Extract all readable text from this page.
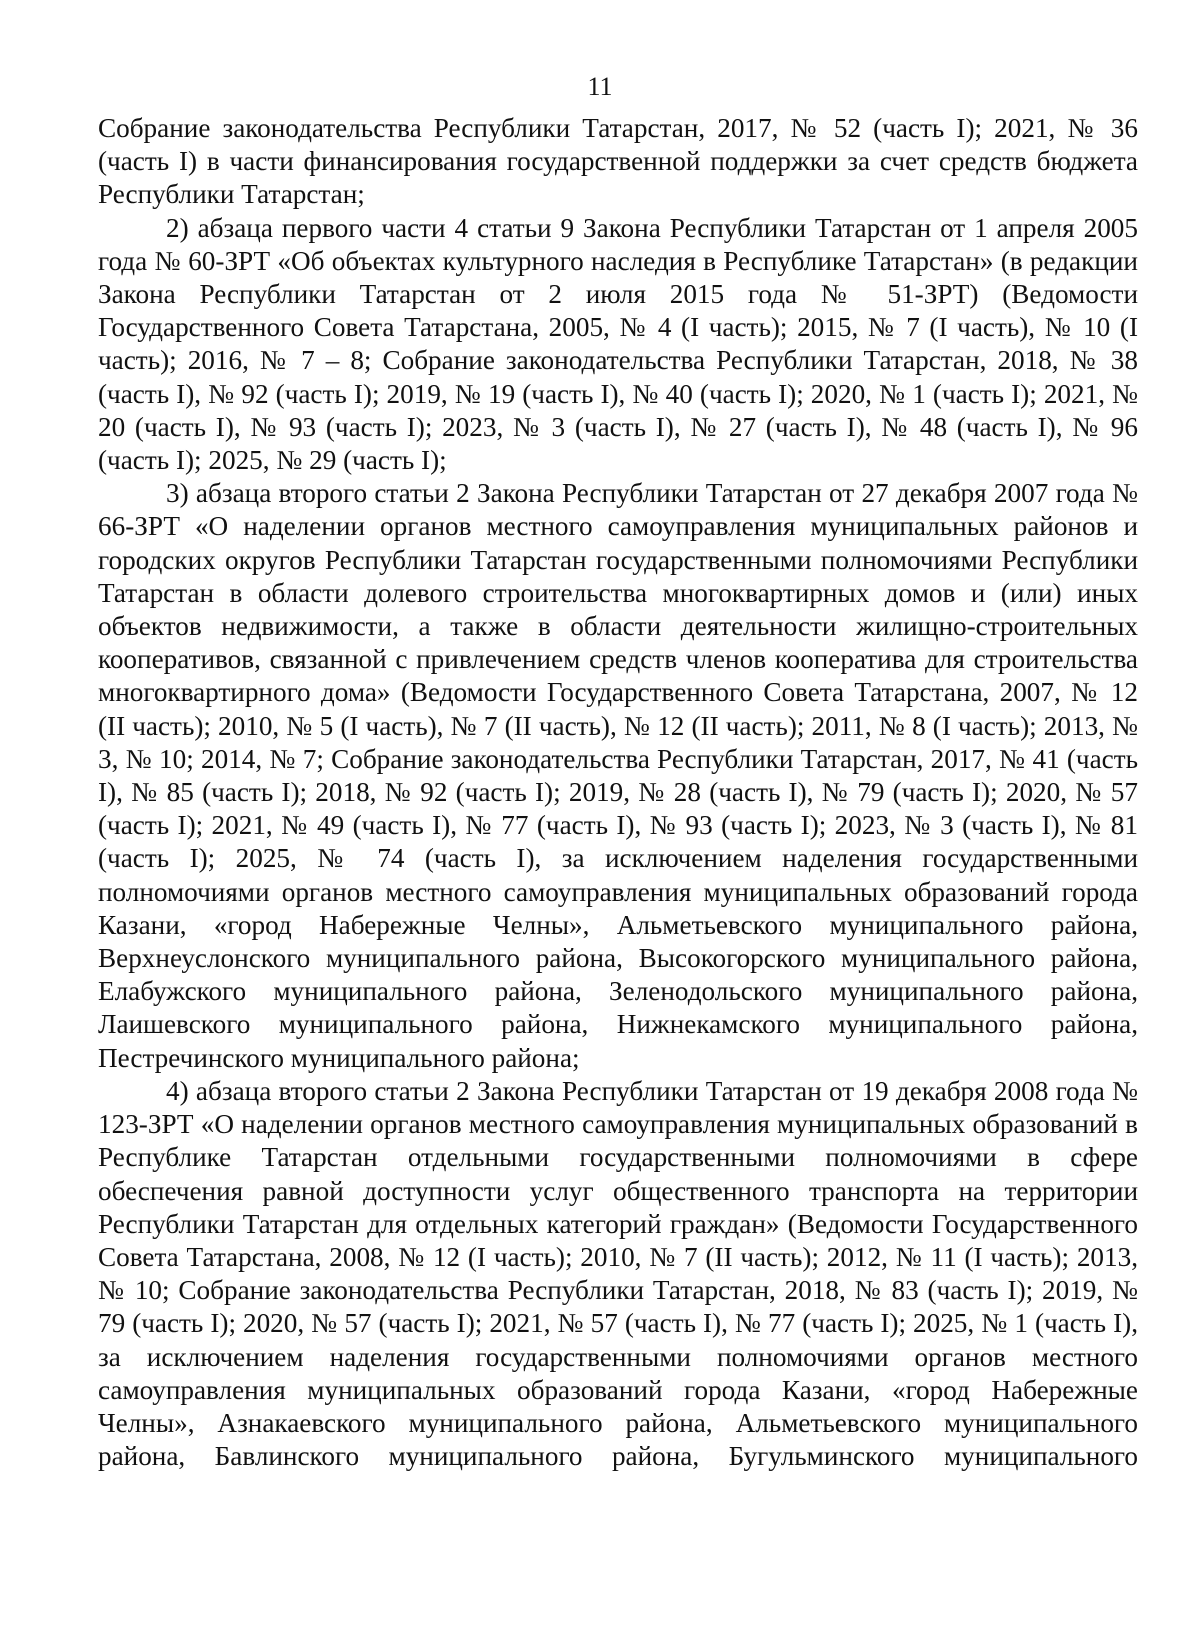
11

Собрание законодательства Республики Татарстан, 2017, № 52 (часть I); 2021, № 36 (часть I) в части финансирования государственной поддержки за счет средств бюджета Республики Татарстан;

2) абзаца первого части 4 статьи 9 Закона Республики Татарстан от 1 апреля 2005 года № 60-ЗРТ «Об объектах культурного наследия в Республике Татарстан» (в редакции Закона Республики Татарстан от 2 июля 2015 года № 51-ЗРТ) (Ведомости Государственного Совета Татарстана, 2005, № 4 (I часть); 2015, № 7 (I часть), № 10 (I часть); 2016, № 7 – 8; Собрание законодательства Республики Татарстан, 2018, № 38 (часть I), № 92 (часть I); 2019, № 19 (часть I), № 40 (часть I); 2020, № 1 (часть I); 2021, № 20 (часть I), № 93 (часть I); 2023, № 3 (часть I), № 27 (часть I), № 48 (часть I), № 96 (часть I); 2025, № 29 (часть I);

3) абзаца второго статьи 2 Закона Республики Татарстан от 27 декабря 2007 года № 66-ЗРТ «О наделении органов местного самоуправления муниципальных районов и городских округов Республики Татарстан государственными полномочиями Республики Татарстан в области долевого строительства многоквартирных домов и (или) иных объектов недвижимости, а также в области деятельности жилищно-строительных кооперативов, связанной с привлечением средств членов кооператива для строительства многоквартирного дома» (Ведомости Государственного Совета Татарстана, 2007, № 12 (II часть); 2010, № 5 (I часть), № 7 (II часть), № 12 (II часть); 2011, № 8 (I часть); 2013, № 3, № 10; 2014, № 7; Собрание законодательства Республики Татарстан, 2017, № 41 (часть I), № 85 (часть I); 2018, № 92 (часть I); 2019, № 28 (часть I), № 79 (часть I); 2020, № 57 (часть I); 2021, № 49 (часть I), № 77 (часть I), № 93 (часть I); 2023, № 3 (часть I), № 81 (часть I); 2025, № 74 (часть I), за исключением наделения государственными полномочиями органов местного самоуправления муниципальных образований города Казани, «город Набережные Челны», Альметьевского муниципального района, Верхнеуслонского муниципального района, Высокогорского муниципального района, Елабужского муниципального района, Зеленодольского муниципального района, Лаишевского муниципального района, Нижнекамского муниципального района, Пестречинского муниципального района;

4) абзаца второго статьи 2 Закона Республики Татарстан от 19 декабря 2008 года № 123-ЗРТ «О наделении органов местного самоуправления муниципальных образований в Республике Татарстан отдельными государственными полномочиями в сфере обеспечения равной доступности услуг общественного транспорта на территории Республики Татарстан для отдельных категорий граждан» (Ведомости Государственного Совета Татарстана, 2008, № 12 (I часть); 2010, № 7 (II часть); 2012, № 11 (I часть); 2013, № 10; Собрание законодательства Республики Татарстан, 2018, № 83 (часть I); 2019, № 79 (часть I); 2020, № 57 (часть I); 2021, № 57 (часть I), № 77 (часть I); 2025, № 1 (часть I), за исключением наделения государственными полномочиями органов местного самоуправления муниципальных образований города Казани, «город Набережные Челны», Азнакаевского муниципального района, Альметьевского муниципального района, Бавлинского муниципального района, Бугульминского муниципального
